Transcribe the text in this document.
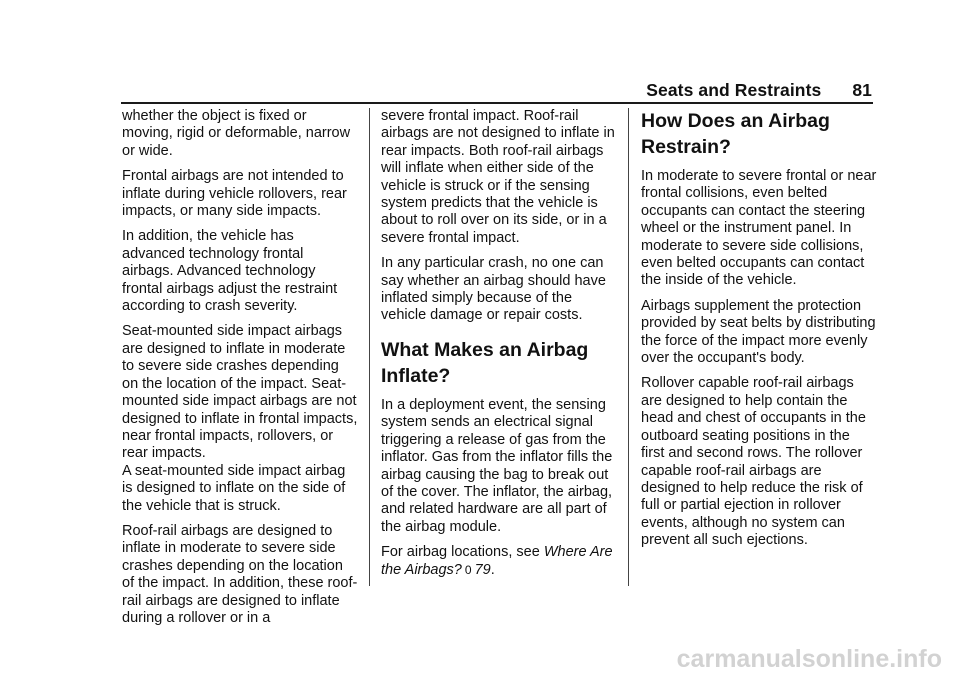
Seats and Restraints 81

whether the object is fixed or moving, rigid or deformable, narrow or wide.

Frontal airbags are not intended to inflate during vehicle rollovers, rear impacts, or many side impacts.

In addition, the vehicle has advanced technology frontal airbags. Advanced technology frontal airbags adjust the restraint according to crash severity.

Seat-mounted side impact airbags are designed to inflate in moderate to severe side crashes depending on the location of the impact. Seat-mounted side impact airbags are not designed to inflate in frontal impacts, near frontal impacts, rollovers, or rear impacts.

A seat-mounted side impact airbag is designed to inflate on the side of the vehicle that is struck.

Roof-rail airbags are designed to inflate in moderate to severe side crashes depending on the location of the impact. In addition, these roof-rail airbags are designed to inflate during a rollover or in a

severe frontal impact. Roof-rail airbags are not designed to inflate in rear impacts. Both roof-rail airbags will inflate when either side of the vehicle is struck or if the sensing system predicts that the vehicle is about to roll over on its side, or in a severe frontal impact.

In any particular crash, no one can say whether an airbag should have inflated simply because of the vehicle damage or repair costs.

What Makes an Airbag Inflate?

In a deployment event, the sensing system sends an electrical signal triggering a release of gas from the inflator. Gas from the inflator fills the airbag causing the bag to break out of the cover. The inflator, the airbag, and related hardware are all part of the airbag module.

For airbag locations, see Where Are the Airbags? 0 79.

How Does an Airbag Restrain?

In moderate to severe frontal or near frontal collisions, even belted occupants can contact the steering wheel or the instrument panel. In moderate to severe side collisions, even belted occupants can contact the inside of the vehicle.

Airbags supplement the protection provided by seat belts by distributing the force of the impact more evenly over the occupant's body.

Rollover capable roof-rail airbags are designed to help contain the head and chest of occupants in the outboard seating positions in the first and second rows. The rollover capable roof-rail airbags are designed to help reduce the risk of full or partial ejection in rollover events, although no system can prevent all such ejections.

carmanualsonline.info
